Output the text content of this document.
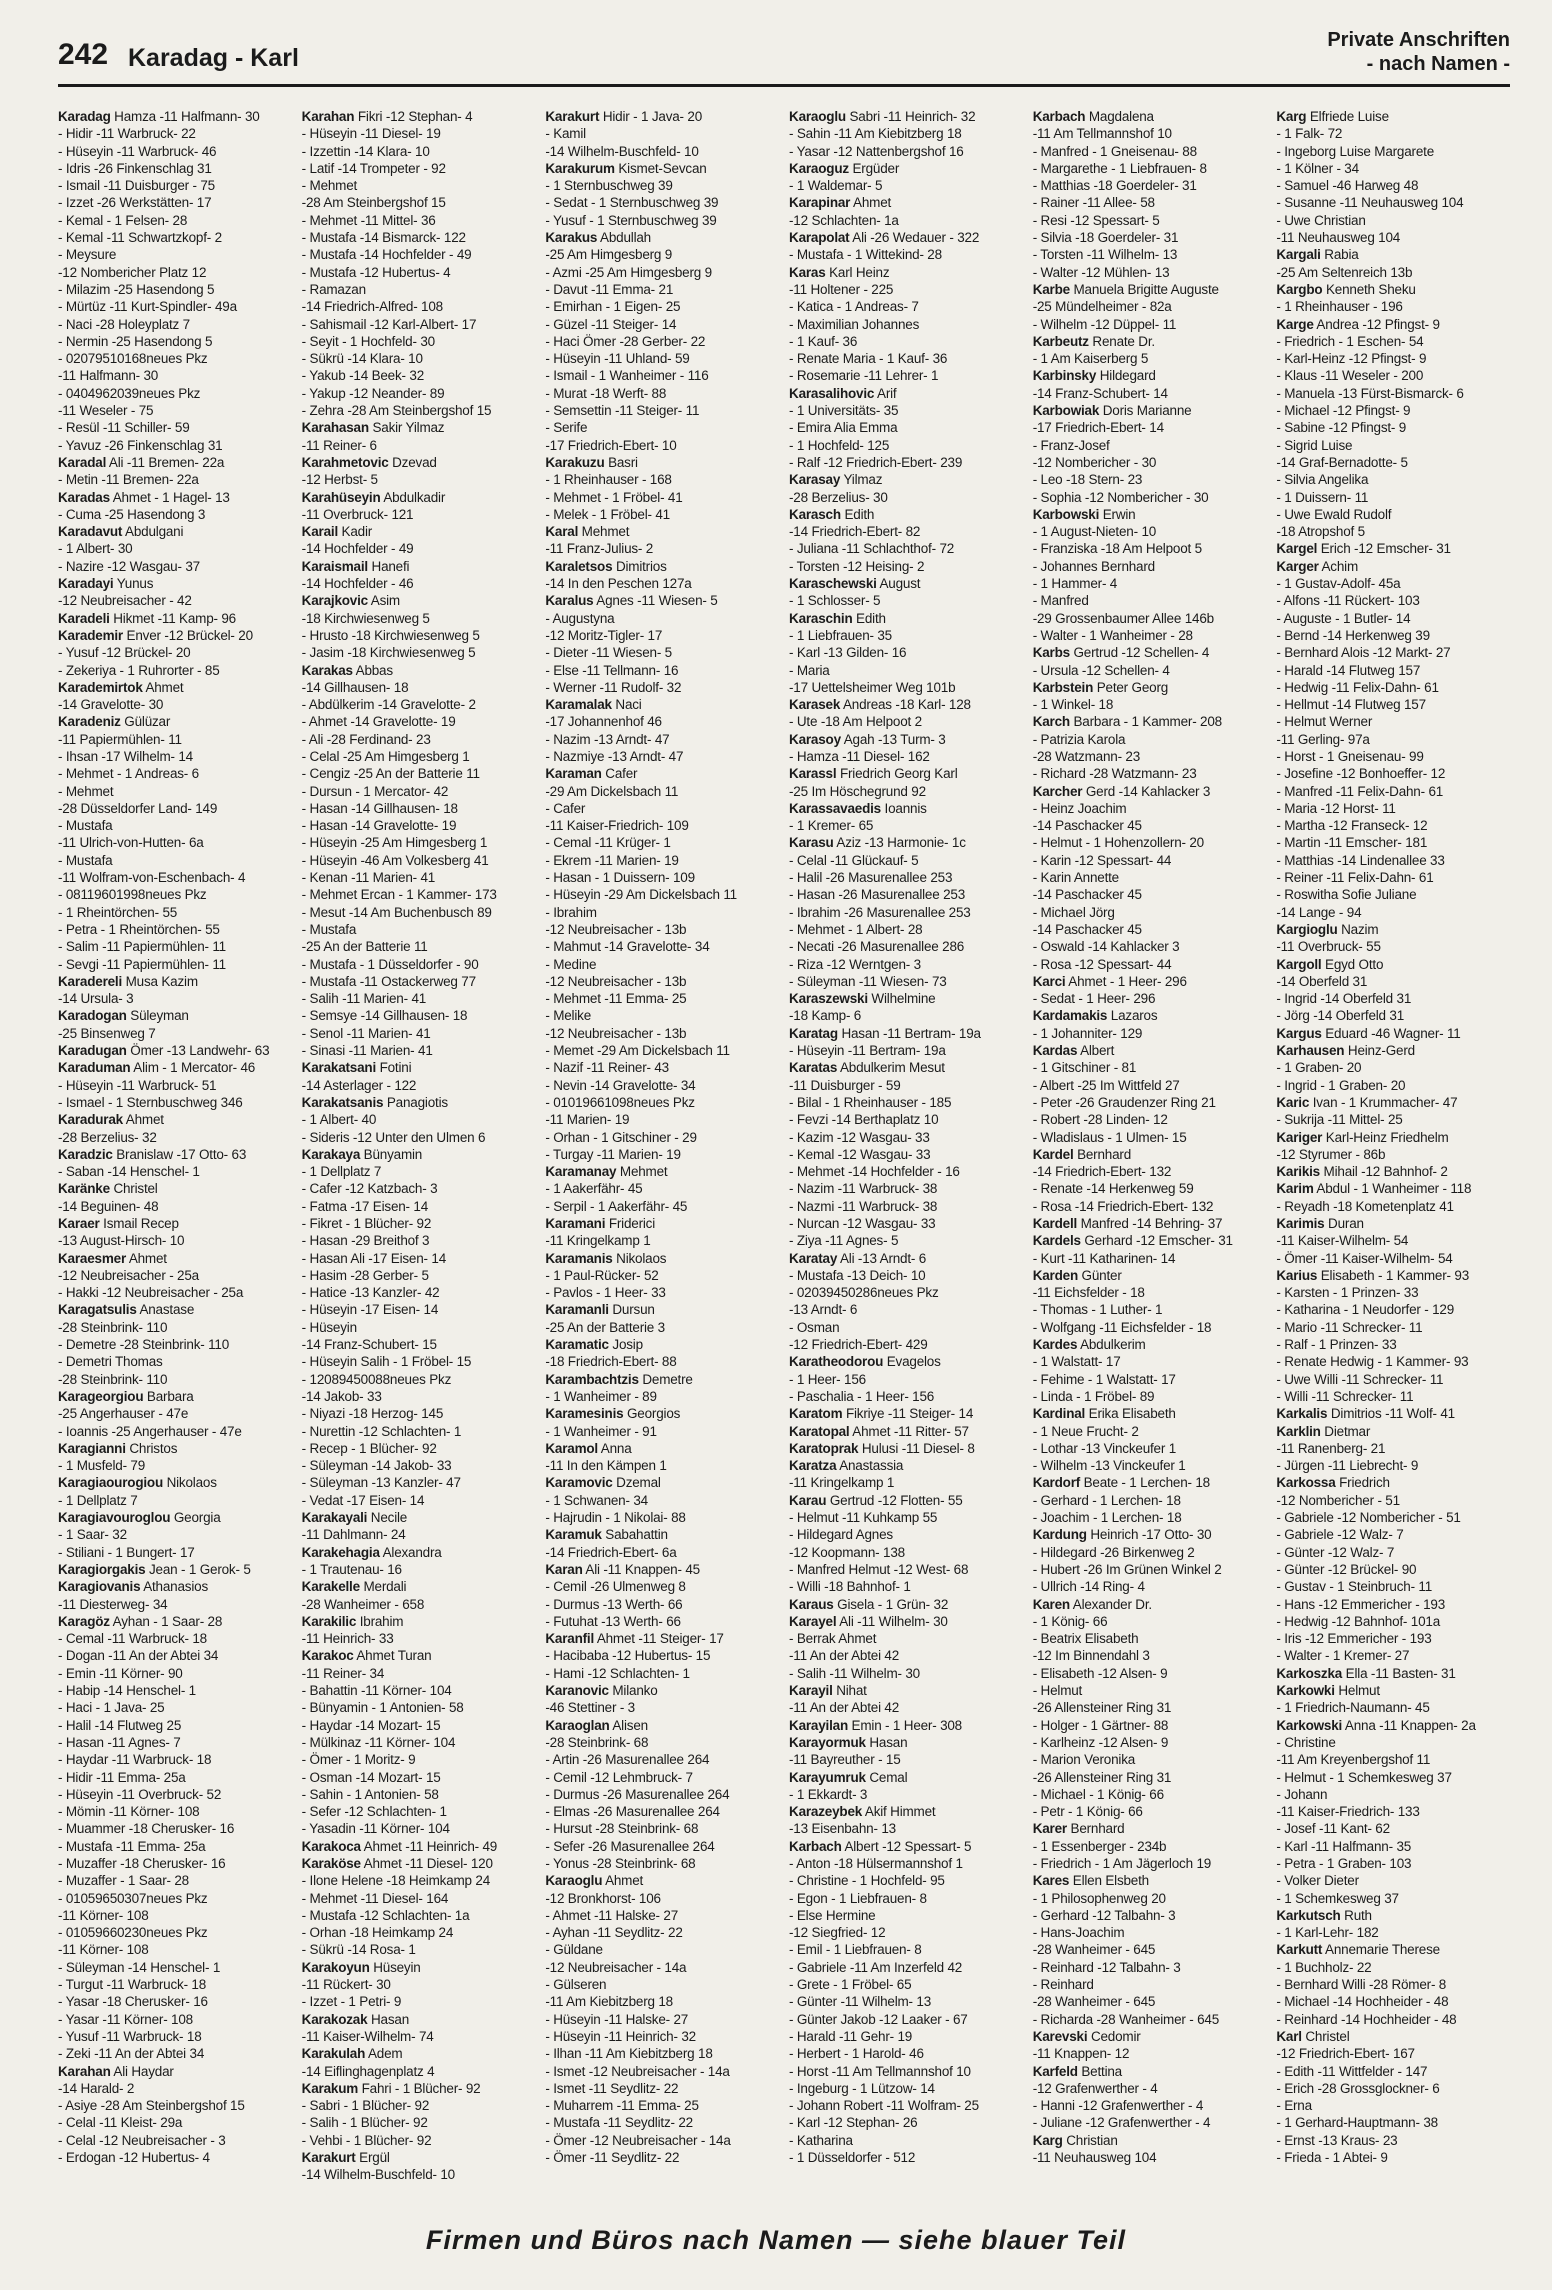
242 Karadag - Karl
Private Anschriften
- nach Namen -
Karadag Hamza -11 Halfmann- 30
- Hidir -11 Warbruck- 22
- Hüseyin -11 Warbruck- 46
- Idris -26 Finkenschlag 31
- Ismail -11 Duisburger - 75
- Izzet -26 Werkstätten- 17
- Kemal - 1 Felsen- 28
- Kemal -11 Schwartzkopf- 2
- Meysure
-12 Nombericher Platz 12
- Milazim -25 Hasendong 5
- Mürtüz -11 Kurt-Spindler- 49a
- Naci -28 Holeyplatz 7
- Nermin -25 Hasendong 5
- 02079510168neues Pkz
-11 Halfmann- 30
- 0404962039neues Pkz
-11 Weseler - 75
- Resül -11 Schiller- 59
- Yavuz -26 Finkenschlag 31
Karadal Ali -11 Bremen- 22a
- Metin -11 Bremen- 22a
Karadas Ahmet - 1 Hagel- 13
- Cuma -25 Hasendong 3
Karadavut Abdulgani
- 1 Albert- 30
- Nazire -12 Wasgau- 37
Karadayi Yunus
-12 Neubreisacher - 42
Karadeli Hikmet -11 Kamp- 96
Karademir Enver -12 Brückel- 20
- Yusuf -12 Brückel- 20
- Zekeriya - 1 Ruhrorter - 85
Karademirtok Ahmet
-14 Gravelotte- 30
Karadeniz Gülüzar
-11 Papiermühlen- 11
- Ihsan -17 Wilhelm- 14
- Mehmet - 1 Andreas- 6
- Mehmet
-28 Düsseldorfer Land- 149
- Mustafa
-11 Ulrich-von-Hutten- 6a
- Mustafa
-11 Wolfram-von-Eschenbach- 4
- 08119601998neues Pkz
- 1 Rheintörchen- 55
- Petra - 1 Rheintörchen- 55
- Salim -11 Papiermühlen- 11
- Sevgi -11 Papiermühlen- 11
Karadereli Musa Kazim
-14 Ursula- 3
Karadogan Süleyman
-25 Binsenweg 7
Karadugan Ömer -13 Landwehr- 63
Karaduman Alim - 1 Mercator- 46
- Hüseyin -11 Warbruck- 51
- Ismael - 1 Sternbuschweg 346
Karadurak Ahmet
-28 Berzelius- 32
Karadzic Branislaw -17 Otto- 63
- Saban -14 Henschel- 1
Karänke Christel
-14 Beguinen- 48
Karaer Ismail Recep
-13 August-Hirsch- 10
Karaesmer Ahmet
-12 Neubreisacher - 25a
- Hakki -12 Neubreisacher - 25a
Karagatsulis Anastase
-28 Steinbrink- 110
- Demetre -28 Steinbrink- 110
- Demetri Thomas
-28 Steinbrink- 110
Karageorgiou Barbara
-25 Angerhauser - 47e
- Ioannis -25 Angerhauser - 47e
Karagianni Christos
- 1 Musfeld- 79
Karagiaourogiou Nikolaos
- 1 Dellplatz 7
Karagiavouroglou Georgia
- 1 Saar- 32
- Stiliani - 1 Bungert- 17
Karagiorgakis Jean - 1 Gerok- 5
Karagiovanis Athanasios
-11 Diesterweg- 34
Karagöz Ayhan - 1 Saar- 28
- Cemal -11 Warbruck- 18
- Dogan -11 An der Abtei 34
- Emin -11 Körner- 90
- Habip -14 Henschel- 1
- Haci - 1 Java- 25
- Halil -14 Flutweg 25
- Hasan -11 Agnes- 7
- Haydar -11 Warbruck- 18
- Hidir -11 Emma- 25a
- Hüseyin -11 Overbruck- 52
- Mömin -11 Körner- 108
- Muammer -18 Cherusker- 16
- Mustafa -11 Emma- 25a
- Muzaffer -18 Cherusker- 16
- Muzaffer - 1 Saar- 28
- 01059650307neues Pkz
-11 Körner- 108
- 01059660230neues Pkz
-11 Körner- 108
- Süleyman -14 Henschel- 1
- Turgut -11 Warbruck- 18
- Yasar -18 Cherusker- 16
- Yasar -11 Körner- 108
- Yusuf -11 Warbruck- 18
- Zeki -11 An der Abtei 34
Karahan Ali Haydar
-14 Harald- 2
- Asiye -28 Am Steinbergshof 15
- Celal -11 Kleist- 29a
- Celal -12 Neubreisacher - 3
- Erdogan -12 Hubertus- 4
Karahan Fikri -12 Stephan- 4
- Hüseyin -11 Diesel- 19
- Izzettin -14 Klara- 10
- Latif -14 Trompeter - 92
- Mehmet
-28 Am Steinbergshof 15
- Mehmet -11 Mittel- 36
- Mustafa -14 Bismarck- 122
- Mustafa -14 Hochfelder - 49
- Mustafa -12 Hubertus- 4
- Ramazan
-14 Friedrich-Alfred- 108
- Sahismail -12 Karl-Albert- 17
- Seyit - 1 Hochfeld- 30
- Sükrü -14 Klara- 10
- Yakub -14 Beek- 32
- Yakup -12 Neander- 89
- Zehra -28 Am Steinbergshof 15
Karahasan Sakir Yilmaz
-11 Reiner- 6
Karahmetovic Dzevad
-12 Herbst- 5
Karahüseyin Abdulkadir
-11 Overbruck- 121
Karail Kadir
-14 Hochfelder - 49
Karaismail Hanefi
-14 Hochfelder - 46
Karajkovic Asim
-18 Kirchwiesenweg 5
- Hrusto -18 Kirchwiesenweg 5
- Jasim -18 Kirchwiesenweg 5
Karakas Abbas
-14 Gillhausen- 18
- Abdülkerim -14 Gravelotte- 2
- Ahmet -14 Gravelotte- 19
- Ali -28 Ferdinand- 23
- Celal -25 Am Himgesberg 1
- Cengiz -25 An der Batterie 11
- Dursun - 1 Mercator- 42
- Hasan -14 Gillhausen- 18
- Hasan -14 Gravelotte- 19
- Hüseyin -25 Am Himgesberg 1
- Hüseyin -46 Am Volkesberg 41
- Kenan -11 Marien- 41
- Mehmet Ercan - 1 Kammer- 173
- Mesut -14 Am Buchenbusch 89
- Mustafa
-25 An der Batterie 11
- Mustafa - 1 Düsseldorfer - 90
- Mustafa -11 Ostackerweg 77
- Salih -11 Marien- 41
- Semsye -14 Gillhausen- 18
- Senol -11 Marien- 41
- Sinasi -11 Marien- 41
Karakatsani Fotini
-14 Asterlager - 122
Karakatsanis Panagiotis
- 1 Albert- 40
- Sideris -12 Unter den Ulmen 6
Karakaya Bünyamin
- 1 Dellplatz 7
- Cafer -12 Katzbach- 3
- Fatma -17 Eisen- 14
- Fikret - 1 Blücher- 92
- Hasan -29 Breithof 3
- Hasan Ali -17 Eisen- 14
- Hasim -28 Gerber- 5
- Hatice -13 Kanzler- 42
- Hüseyin -17 Eisen- 14
- Hüseyin
-14 Franz-Schubert- 15
- Hüseyin Salih - 1 Fröbel- 15
- 12089450088neues Pkz
-14 Jakob- 33
- Niyazi -18 Herzog- 145
- Nurettin -12 Schlachten- 1
- Recep - 1 Blücher- 92
- Süleyman -14 Jakob- 33
- Süleyman -13 Kanzler- 47
- Vedat -17 Eisen- 14
Karakayali Necile
-11 Dahlmann- 24
Karakehagia Alexandra
- 1 Trautenau- 16
Karakelle Merdali
-28 Wanheimer - 658
Karakilic Ibrahim
-11 Heinrich- 33
Karakoc Ahmet Turan
-11 Reiner- 34
- Bahattin -11 Körner- 104
- Bünyamin - 1 Antonien- 58
- Haydar -14 Mozart- 15
- Mülkinaz -11 Körner- 104
- Ömer - 1 Moritz- 9
- Osman -14 Mozart- 15
- Sahin - 1 Antonien- 58
- Sefer -12 Schlachten- 1
- Yasadin -11 Körner- 104
Karakoca Ahmet -11 Heinrich- 49
Karaköse Ahmet -11 Diesel- 120
- Ilone Helene -18 Heimkamp 24
- Mehmet -11 Diesel- 164
- Mustafa -12 Schlachten- 1a
- Orhan -18 Heimkamp 24
- Sükrü -14 Rosa- 1
Karakoyun Hüseyin
-11 Rückert- 30
- Izzet - 1 Petri- 9
Karakozak Hasan
-11 Kaiser-Wilhelm- 74
Karakulah Adem
-14 Eiflinghagenplatz 4
Karakum Fahri - 1 Blücher- 92
- Sabri - 1 Blücher- 92
- Salih - 1 Blücher- 92
- Vehbi - 1 Blücher- 92
Karakurt Ergül
-14 Wilhelm-Buschfeld- 10
Karakurt Hidir - 1 Java- 20
- Kamil
-14 Wilhelm-Buschfeld- 10
Karakurum Kismet-Sevcan
- 1 Sternbuschweg 39
- Sedat - 1 Sternbuschweg 39
- Yusuf - 1 Sternbuschweg 39
Karakus Abdullah
-25 Am Himgesberg 9
- Azmi -25 Am Himgesberg 9
- Davut -11 Emma- 21
- Emirhan - 1 Eigen- 25
- Güzel -11 Steiger- 14
- Haci Ömer -28 Gerber- 22
- Hüseyin -11 Uhland- 59
- Ismail - 1 Wanheimer - 116
- Murat -18 Werft- 88
- Semsettin -11 Steiger- 11
- Serife
-17 Friedrich-Ebert- 10
Karakuzu Basri
- 1 Rheinhauser - 168
- Mehmet - 1 Fröbel- 41
- Melek - 1 Fröbel- 41
Karal Mehmet
-11 Franz-Julius- 2
Karaletsos Dimitrios
-14 In den Peschen 127a
Karalus Agnes -11 Wiesen- 5
- Augustyna
-12 Moritz-Tigler- 17
- Dieter -11 Wiesen- 5
- Else -11 Tellmann- 16
- Werner -11 Rudolf- 32
Karamalak Naci
-17 Johannenhof 46
- Nazim -13 Arndt- 47
- Nazmiye -13 Arndt- 47
Karaman Cafer
-29 Am Dickelsbach 11
- Cafer
-11 Kaiser-Friedrich- 109
- Cemal -11 Krüger- 1
- Ekrem -11 Marien- 19
- Hasan - 1 Duissern- 109
- Hüseyin -29 Am Dickelsbach 11
- Ibrahim
-12 Neubreisacher - 13b
- Mahmut -14 Gravelotte- 34
- Medine
-12 Neubreisacher - 13b
- Mehmet -11 Emma- 25
- Melike
-12 Neubreisacher - 13b
- Memet -29 Am Dickelsbach 11
- Nazif -11 Reiner- 43
- Nevin -14 Gravelotte- 34
- 01019661098neues Pkz
-11 Marien- 19
- Orhan - 1 Gitschiner - 29
- Turgay -11 Marien- 19
Karamanay Mehmet
- 1 Aakerfähr- 45
- Serpil - 1 Aakerfähr- 45
Karamani Friderici
-11 Kringelkamp 1
Karamanis Nikolaos
- 1 Paul-Rücker- 52
- Pavlos - 1 Heer- 33
Karamanli Dursun
-25 An der Batterie 3
Karamatic Josip
-18 Friedrich-Ebert- 88
Karambachtzis Demetre
- 1 Wanheimer - 89
Karamesinis Georgios
- 1 Wanheimer - 91
Karamol Anna
-11 In den Kämpen 1
Karamovic Dzemal
- 1 Schwanen- 34
- Hajrudin - 1 Nikolai- 88
Karamuk Sabahattin
-14 Friedrich-Ebert- 6a
Karan Ali -11 Knappen- 45
- Cemil -26 Ulmenweg 8
- Durmus -13 Werth- 66
- Futuhat -13 Werth- 66
Karanfil Ahmet -11 Steiger- 17
- Hacibaba -12 Hubertus- 15
- Hami -12 Schlachten- 1
Karanovic Milanko
-46 Stettiner - 3
Karaoglan Alisen
-28 Steinbrink- 68
- Artin -26 Masurenallee 264
- Cemil -12 Lehmbruck- 7
- Durmus -26 Masurenallee 264
- Elmas -26 Masurenallee 264
- Hursut -28 Steinbrink- 68
- Sefer -26 Masurenallee 264
- Yonus -28 Steinbrink- 68
Karaoglu Ahmet
-12 Bronkhorst- 106
- Ahmet -11 Halske- 27
- Ayhan -11 Seydlitz- 22
- Güldane
-12 Neubreisacher - 14a
- Gülseren
-11 Am Kiebitzberg 18
- Hüseyin -11 Halske- 27
- Hüseyin -11 Heinrich- 32
- Ilhan -11 Am Kiebitzberg 18
- Ismet -12 Neubreisacher - 14a
- Ismet -11 Seydlitz- 22
- Muharrem -11 Emma- 25
- Mustafa -11 Seydlitz- 22
- Ömer -12 Neubreisacher - 14a
- Ömer -11 Seydlitz- 22
Karaoglu Sabri -11 Heinrich- 32
- Sahin -11 Am Kiebitzberg 18
- Yasar -12 Nattenbergshof 16
Karaoguz Ergüder
- 1 Waldemar- 5
Karapinar Ahmet
-12 Schlachten- 1a
Karapolat Ali -26 Wedauer - 322
- Mustafa - 1 Wittekind- 28
Karas Karl Heinz
-11 Holtener - 225
- Katica - 1 Andreas- 7
- Maximilian Johannes
- 1 Kauf- 36
- Renate Maria - 1 Kauf- 36
- Rosemarie -11 Lehrer- 1
Karasalihovic Arif
- 1 Universitäts- 35
- Emira Alia Emma
- 1 Hochfeld- 125
- Ralf -12 Friedrich-Ebert- 239
Karasay Yilmaz
-28 Berzelius- 30
Karasch Edith
-14 Friedrich-Ebert- 82
- Juliana -11 Schlachthof- 72
- Torsten -12 Heising- 2
Karaschewski August
- 1 Schlosser- 5
Karaschin Edith
- 1 Liebfrauen- 35
- Karl -13 Gilden- 16
- Maria
-17 Uettelsheimer Weg 101b
Karasek Andreas -18 Karl- 128
- Ute -18 Am Helpoot 2
Karasoy Agah -13 Turm- 3
- Hamza -11 Diesel- 162
Karassl Friedrich Georg Karl
-25 Im Höschegrund 92
Karassavaedis Ioannis
- 1 Kremer- 65
Karasu Aziz -13 Harmonie- 1c
- Celal -11 Glückauf- 5
- Halil -26 Masurenallee 253
- Hasan -26 Masurenallee 253
- Ibrahim -26 Masurenallee 253
- Mehmet - 1 Albert- 28
- Necati -26 Masurenallee 286
- Riza -12 Werntgen- 3
- Süleyman -11 Wiesen- 73
Karaszewski Wilhelmine
-18 Kamp- 6
Karatag Hasan -11 Bertram- 19a
- Hüseyin -11 Bertram- 19a
Karatas Abdulkerim Mesut
-11 Duisburger - 59
- Bilal - 1 Rheinhauser - 185
- Fevzi -14 Berthaplatz 10
- Kazim -12 Wasgau- 33
- Kemal -12 Wasgau- 33
- Mehmet -14 Hochfelder - 16
- Nazim -11 Warbruck- 38
- Nazmi -11 Warbruck- 38
- Nurcan -12 Wasgau- 33
- Ziya -11 Agnes- 5
Karatay Ali -13 Arndt- 6
- Mustafa -13 Deich- 10
- 02039450286neues Pkz
-13 Arndt- 6
- Osman
-12 Friedrich-Ebert- 429
Karatheodorou Evagelos
- 1 Heer- 156
- Paschalia - 1 Heer- 156
Karatom Fikriye -11 Steiger- 14
Karatopal Ahmet -11 Ritter- 57
Karatoprak Hulusi -11 Diesel- 8
Karatza Anastassia
-11 Kringelkamp 1
Karau Gertrud -12 Flotten- 55
- Helmut -11 Kuhkamp 55
- Hildegard Agnes
-12 Koopmann- 138
- Manfred Helmut -12 West- 68
- Willi -18 Bahnhof- 1
Karaus Gisela - 1 Grün- 32
Karayel Ali -11 Wilhelm- 30
- Berrak Ahmet
-11 An der Abtei 42
- Salih -11 Wilhelm- 30
Karayil Nihat
-11 An der Abtei 42
Karayilan Emin - 1 Heer- 308
Karayormuk Hasan
-11 Bayreuther - 15
Karayumruk Cemal
- 1 Ekkardt- 3
Karazeybek Akif Himmet
-13 Eisenbahn- 13
Karbach Albert -12 Spessart- 5
- Anton -18 Hülsermannshof 1
- Christine - 1 Hochfeld- 95
- Egon - 1 Liebfrauen- 8
- Else Hermine
-12 Siegfried- 12
- Emil - 1 Liebfrauen- 8
- Gabriele -11 Am Inzerfeld 42
- Grete - 1 Fröbel- 65
- Günter -11 Wilhelm- 13
- Günter Jakob -12 Laaker - 67
- Harald -11 Gehr- 19
- Herbert - 1 Harold- 46
- Horst -11 Am Tellmannshof 10
- Ingeburg - 1 Lützow- 14
- Johann Robert -11 Wolfram- 25
- Karl -12 Stephan- 26
- Katharina
- 1 Düsseldorfer - 512
Karbach Magdalena
-11 Am Tellmannshof 10
- Manfred - 1 Gneisenau- 88
- Margarethe - 1 Liebfrauen- 8
- Matthias -18 Goerdeler- 31
- Rainer -11 Allee- 58
- Resi -12 Spessart- 5
- Silvia -18 Goerdeler- 31
- Torsten -11 Wilhelm- 13
- Walter -12 Mühlen- 13
Karbe Manuela Brigitte Auguste
-25 Mündelheimer - 82a
- Wilhelm -12 Düppel- 11
Karbeutz Renate Dr.
- 1 Am Kaiserberg 5
Karbinsky Hildegard
-14 Franz-Schubert- 14
Karbowiak Doris Marianne
-17 Friedrich-Ebert- 14
- Franz-Josef
-12 Nombericher - 30
- Leo -18 Stern- 23
- Sophia -12 Nombericher - 30
Karbowski Erwin
- 1 August-Nieten- 10
- Franziska -18 Am Helpoot 5
- Johannes Bernhard
- 1 Hammer- 4
- Manfred
-29 Grossenbaumer Allee 146b
- Walter - 1 Wanheimer - 28
Karbs Gertrud -12 Schellen- 4
- Ursula -12 Schellen- 4
Karbstein Peter Georg
- 1 Winkel- 18
Karch Barbara - 1 Kammer- 208
- Patrizia Karola
-28 Watzmann- 23
- Richard -28 Watzmann- 23
Karcher Gerd -14 Kahlacker 3
- Heinz Joachim
-14 Paschacker 45
- Helmut - 1 Hohenzollern- 20
- Karin -12 Spessart- 44
- Karin Annette
-14 Paschacker 45
- Michael Jörg
-14 Paschacker 45
- Oswald -14 Kahlacker 3
- Rosa -12 Spessart- 44
Karci Ahmet - 1 Heer- 296
- Sedat - 1 Heer- 296
Kardamakis Lazaros
- 1 Johanniter- 129
Kardas Albert
- 1 Gitschiner - 81
- Albert -25 Im Wittfeld 27
- Peter -26 Graudenzer Ring 21
- Robert -28 Linden- 12
- Wladislaus - 1 Ulmen- 15
Kardel Bernhard
-14 Friedrich-Ebert- 132
- Renate -14 Herkenweg 59
- Rosa -14 Friedrich-Ebert- 132
Kardell Manfred -14 Behring- 37
Kardels Gerhard -12 Emscher- 31
- Kurt -11 Katharinen- 14
Karden Günter
-11 Eichsfelder - 18
- Thomas - 1 Luther- 1
- Wolfgang -11 Eichsfelder - 18
Kardes Abdulkerim
- 1 Walstatt- 17
- Fehime - 1 Walstatt- 17
- Linda - 1 Fröbel- 89
Kardinal Erika Elisabeth
- 1 Neue Frucht- 2
- Lothar -13 Vinckeufer 1
- Wilhelm -13 Vinckeufer 1
Kardorf Beate - 1 Lerchen- 18
- Gerhard - 1 Lerchen- 18
- Joachim - 1 Lerchen- 18
Kardung Heinrich -17 Otto- 30
- Hildegard -26 Birkenweg 2
- Hubert -26 Im Grünen Winkel 2
- Ullrich -14 Ring- 4
Karen Alexander Dr.
- 1 König- 66
- Beatrix Elisabeth
-12 Im Binnendahl 3
- Elisabeth -12 Alsen- 9
- Helmut
-26 Allensteiner Ring 31
- Holger - 1 Gärtner- 88
- Karlheinz -12 Alsen- 9
- Marion Veronika
-26 Allensteiner Ring 31
- Michael - 1 König- 66
- Petr - 1 König- 66
Karer Bernhard
- 1 Essenberger - 234b
- Friedrich - 1 Am Jägerloch 19
Kares Ellen Elsbeth
- 1 Philosophenweg 20
- Gerhard -12 Talbahn- 3
- Hans-Joachim
-28 Wanheimer - 645
- Reinhard -12 Talbahn- 3
- Reinhard
-28 Wanheimer - 645
- Richarda -28 Wanheimer - 645
Karevski Cedomir
-11 Knappen- 12
Karfeld Bettina
-12 Grafenwerther - 4
- Hanni -12 Grafenwerther - 4
- Juliane -12 Grafenwerther - 4
Karg Christian
-11 Neuhausweg 104
Karg Elfriede Luise
- 1 Falk- 72
- Ingeborg Luise Margarete
- 1 Kölner - 34
- Samuel -46 Harweg 48
- Susanne -11 Neuhausweg 104
- Uwe Christian
-11 Neuhausweg 104
Kargali Rabia
-25 Am Seltenreich 13b
Kargbo Kenneth Sheku
- 1 Rheinhauser - 196
Karge Andrea -12 Pfingst- 9
- Friedrich - 1 Eschen- 54
- Karl-Heinz -12 Pfingst- 9
- Klaus -11 Weseler - 200
- Manuela -13 Fürst-Bismarck- 6
- Michael -12 Pfingst- 9
- Sabine -12 Pfingst- 9
- Sigrid Luise
-14 Graf-Bernadotte- 5
- Silvia Angelika
- 1 Duissern- 11
- Uwe Ewald Rudolf
-18 Atropshof 5
Kargel Erich -12 Emscher- 31
Karger Achim
- 1 Gustav-Adolf- 45a
- Alfons -11 Rückert- 103
- Auguste - 1 Butler- 14
- Bernd -14 Herkenweg 39
- Bernhard Alois -12 Markt- 27
- Harald -14 Flutweg 157
- Hedwig -11 Felix-Dahn- 61
- Hellmut -14 Flutweg 157
- Helmut Werner
-11 Gerling- 97a
- Horst - 1 Gneisenau- 99
- Josefine -12 Bonhoeffer- 12
- Manfred -11 Felix-Dahn- 61
- Maria -12 Horst- 11
- Martha -12 Franseck- 12
- Martin -11 Emscher- 181
- Matthias -14 Lindenallee 33
- Reiner -11 Felix-Dahn- 61
- Roswitha Sofie Juliane
-14 Lange - 94
Kargioglu Nazim
-11 Overbruck- 55
Kargoll Egyd Otto
-14 Oberfeld 31
- Ingrid -14 Oberfeld 31
- Jörg -14 Oberfeld 31
Kargus Eduard -46 Wagner- 11
Karhausen Heinz-Gerd
- 1 Graben- 20
- Ingrid - 1 Graben- 20
Karic Ivan - 1 Krummacher- 47
- Sukrija -11 Mittel- 25
Kariger Karl-Heinz Friedhelm
-12 Styrumer - 86b
Karikis Mihail -12 Bahnhof- 2
Karim Abdul - 1 Wanheimer - 118
- Reyadh -18 Kometenplatz 41
Karimis Duran
-11 Kaiser-Wilhelm- 54
- Ömer -11 Kaiser-Wilhelm- 54
Karius Elisabeth - 1 Kammer- 93
- Karsten - 1 Prinzen- 33
- Katharina - 1 Neudorfer - 129
- Mario -11 Schrecker- 11
- Ralf - 1 Prinzen- 33
- Renate Hedwig - 1 Kammer- 93
- Uwe Willi -11 Schrecker- 11
- Willi -11 Schrecker- 11
Karkalis Dimitrios -11 Wolf- 41
Karklin Dietmar
-11 Ranenberg- 21
- Jürgen -11 Liebrecht- 9
Karkossa Friedrich
-12 Nombericher - 51
- Gabriele -12 Nombericher - 51
- Gabriele -12 Walz- 7
- Günter -12 Walz- 7
- Günter -12 Brückel- 90
- Gustav - 1 Steinbruch- 11
- Hans -12 Emmericher - 193
- Hedwig -12 Bahnhof- 101a
- Iris -12 Emmericher - 193
- Walter - 1 Kremer- 27
Karkoszka Ella -11 Basten- 31
Karkowki Helmut
- 1 Friedrich-Naumann- 45
Karkowski Anna -11 Knappen- 2a
- Christine
-11 Am Kreyenbergshof 11
- Helmut - 1 Schemkesweg 37
- Johann
-11 Kaiser-Friedrich- 133
- Josef -11 Kant- 62
- Karl -11 Halfmann- 35
- Petra - 1 Graben- 103
- Volker Dieter
- 1 Schemkesweg 37
Karkutsch Ruth
- 1 Karl-Lehr- 182
Karkutt Annemarie Therese
- 1 Buchholz- 22
- Bernhard Willi -28 Römer- 8
- Michael -14 Hochheider - 48
- Reinhard -14 Hochheider - 48
Karl Christel
-12 Friedrich-Ebert- 167
- Edith -11 Wittfelder - 147
- Erich -28 Grossglockner- 6
- Erna
- 1 Gerhard-Hauptmann- 38
- Ernst -13 Kraus- 23
- Frieda - 1 Abtei- 9
Firmen und Büros nach Namen — siehe blauer Teil
